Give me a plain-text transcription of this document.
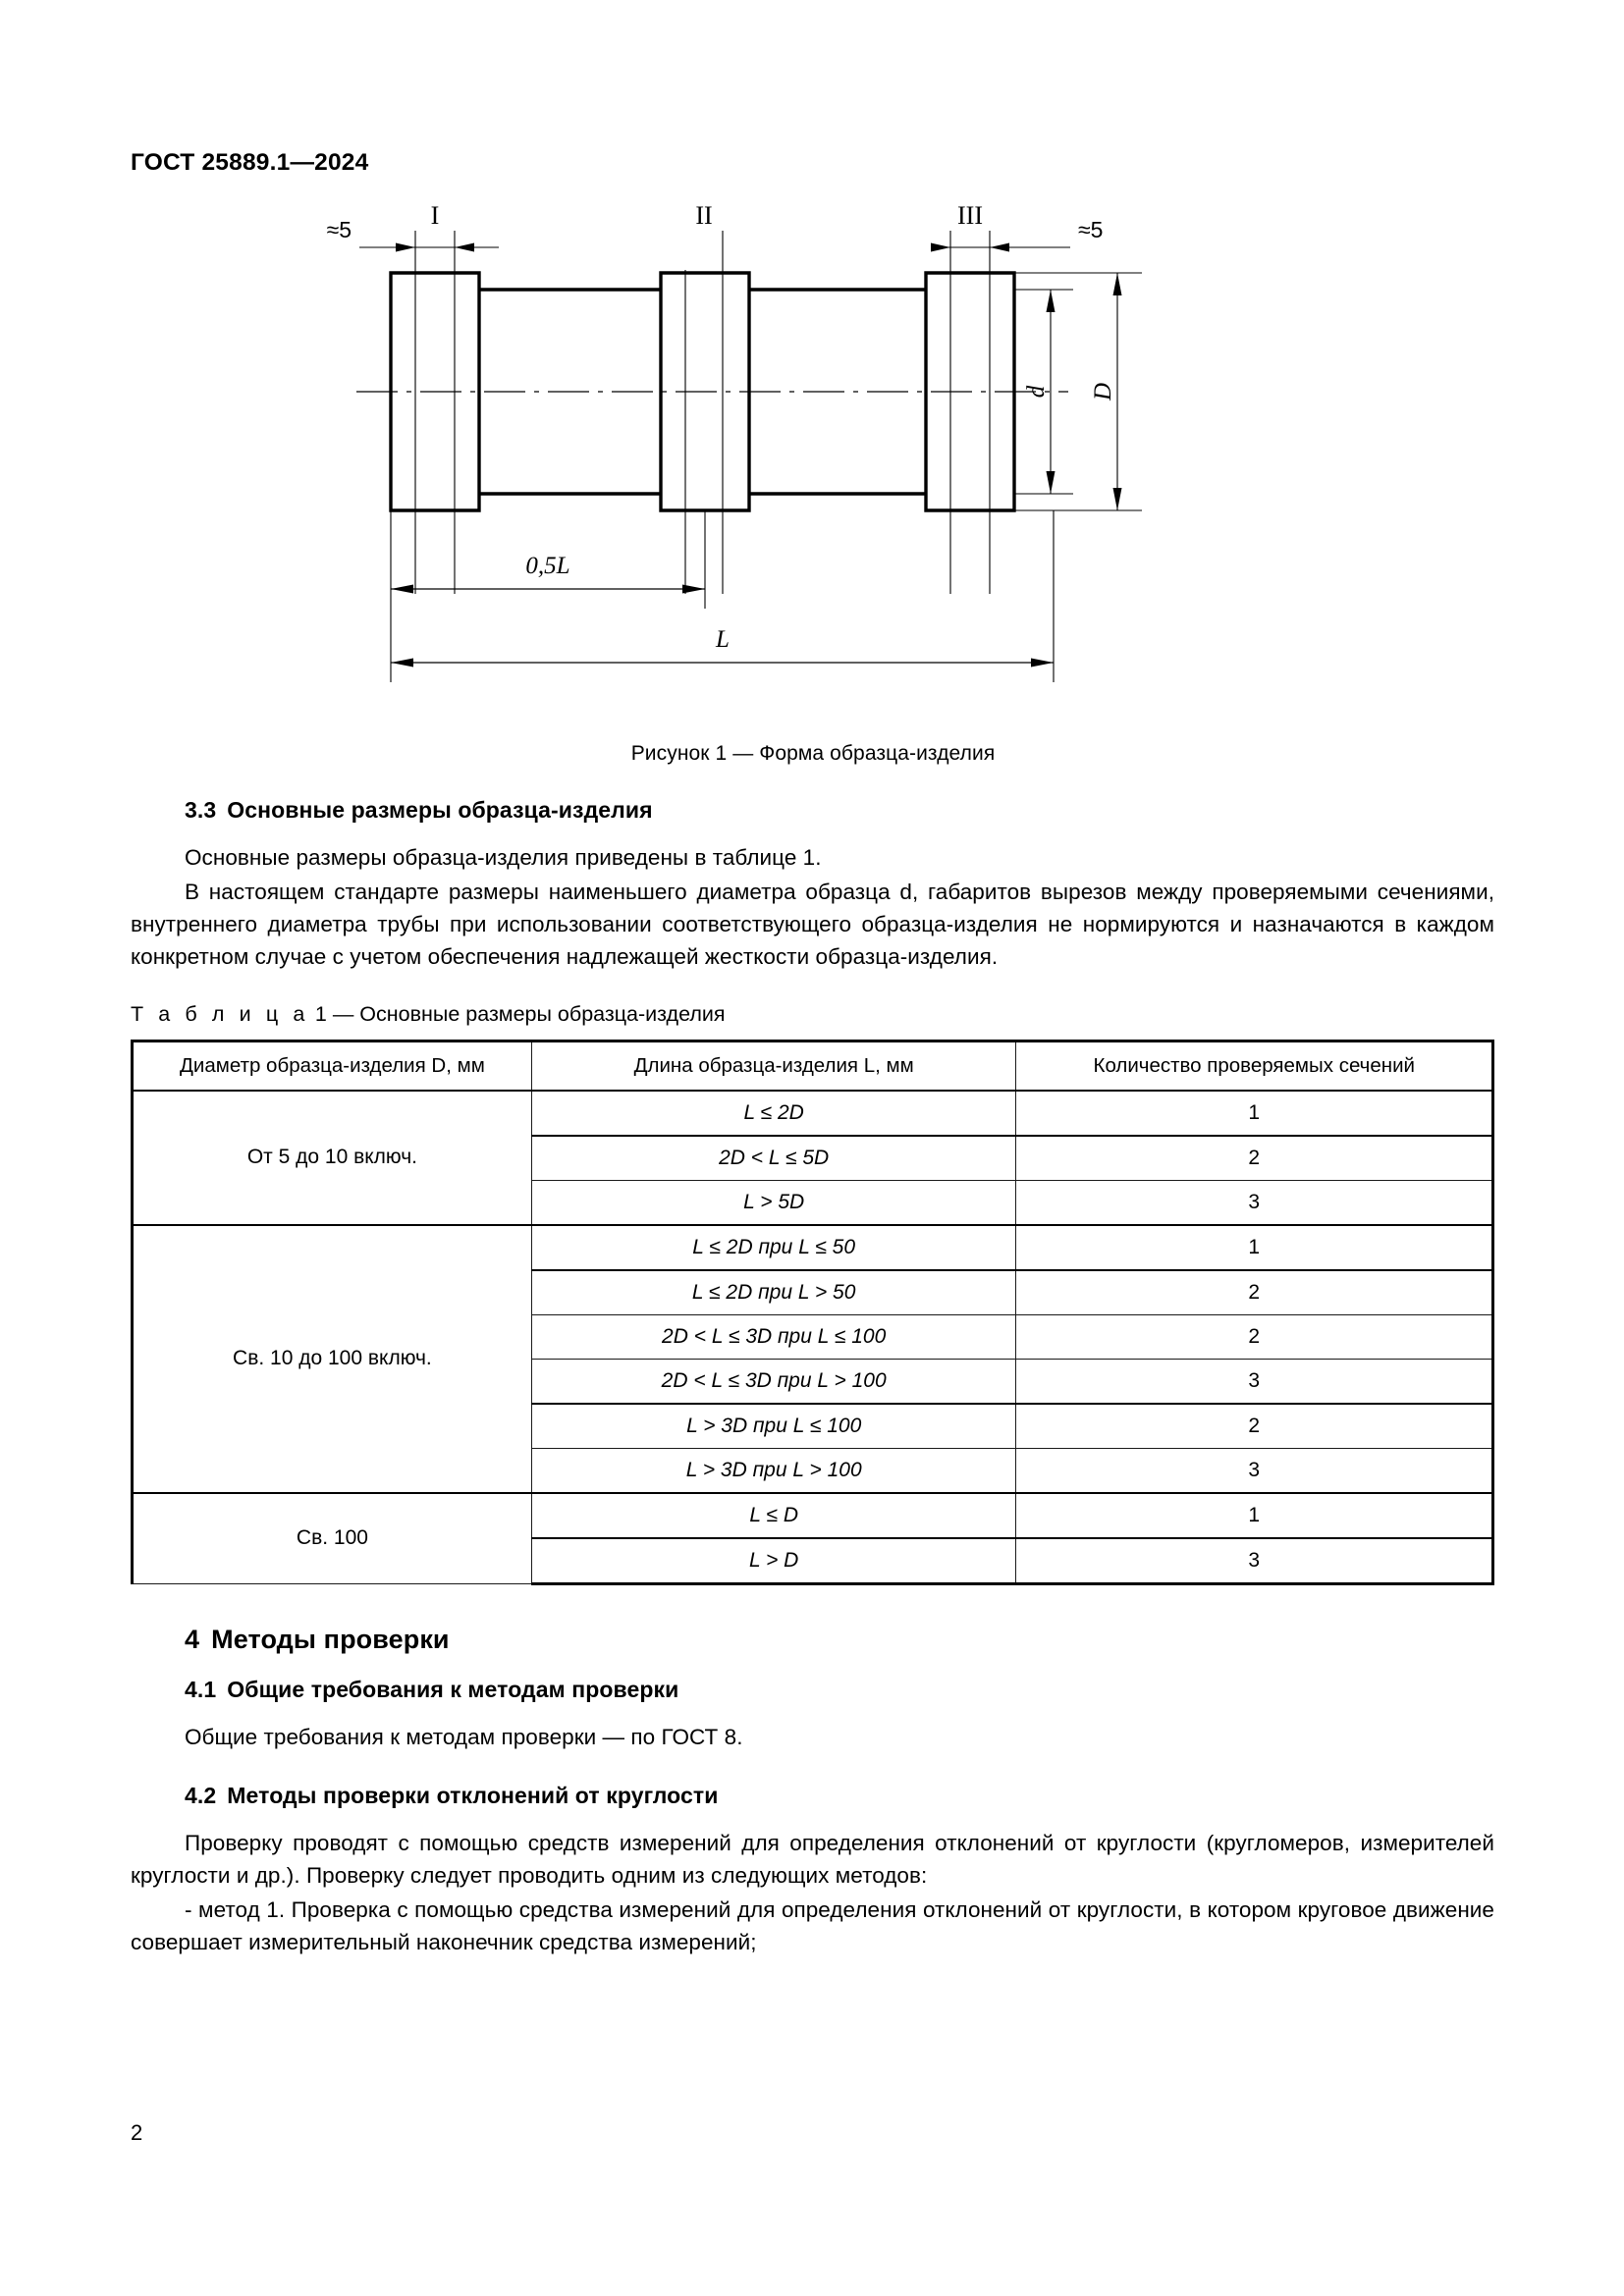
ГОСТ 25889.1—2024
I	II	III
≈5	≈5
d D
0,5L
L
Рисунок 1 — Форма образца-изделия
3.3 Основные размеры образца-изделия

Основные размеры образца-изделия приведены в таблице 1.

В настоящем стандарте размеры наименьшего диаметра образца d, габаритов вырезов между проверяемыми сечениями, внутреннего диаметра трубы при использовании соответствующего образца-изделия не нормируются и назначаются в каждом конкретном случае с учетом обеспечения надлежащей жесткости образца-изделия.

Т а б л и ц а 1 — Основные размеры образца-изделия
Диаметр образца-изделия D, мм	Длина образца-изделия L, мм	Количество проверяемых сечений
От 5 до 10 включ.	L ≤ 2D	1
	2D < L ≤ 5D	2
	L > 5D	3
Св. 10 до 100 включ.	L ≤ 2D при L ≤ 50	1
	L ≤ 2D при L > 50	2
	2D < L ≤ 3D при L ≤ 100	2
	2D < L ≤ 3D при L > 100	3
	L > 3D при L ≤ 100	2
	L > 3D при L > 100	3
Св. 100	L ≤ D	1
	L > D	3
4 Методы проверки
4.1 Общие требования к методам проверки

Общие требования к методам проверки — по ГОСТ 8.

4.2 Методы проверки отклонений от круглости

Проверку проводят с помощью средств измерений для определения отклонений от круглости (кругломеров, измерителей круглости и др.). Проверку следует проводить одним из следующих методов:

- метод 1. Проверка с помощью средства измерений для определения отклонений от круглости, в котором круговое движение совершает измерительный наконечник средства измерений;

2
